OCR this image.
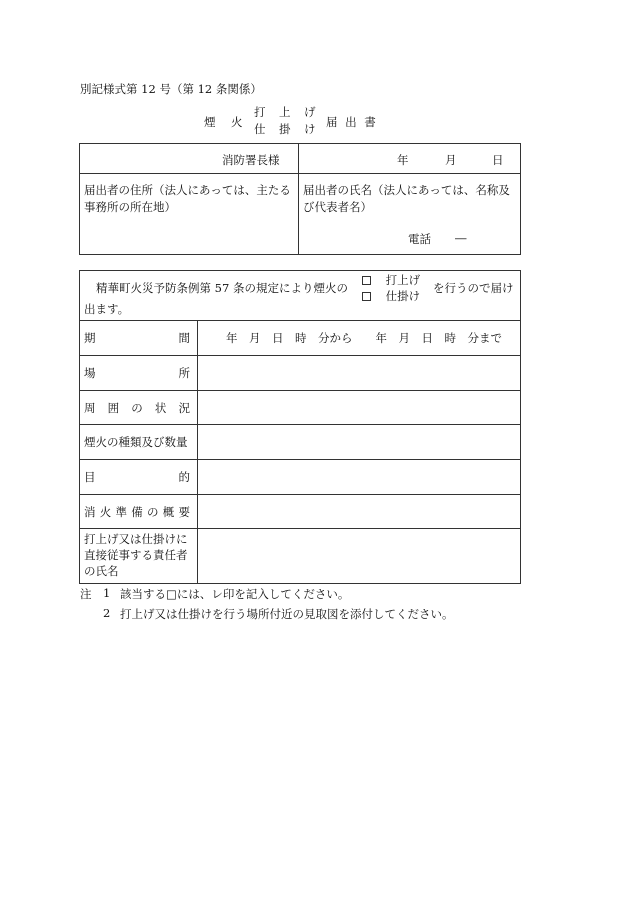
別記様式第 12 号（第 12 条関係）
煙　火
打　上　げ
仕　掛　け 届 出 書
消防署長様	年	月	日
届出者の住所（法人にあっては、主たる事務所の所在地）
届出者の氏名（法人にあっては、名称及び代表者名）
電話 ―
精華町火災予防条例第 57 条の規定により煙火の
打上げ
仕掛け
を行うので届け
出ます。
期	間	年　月　日　時　分から　　年　月　日　時　分まで
場	所
周 囲 の 状 況
煙火の種類及び数量
目	的
消 火 準 備 の 概 要
打上げ又は仕掛けに直接従事する責任者の氏名
注 1 該当する□には、レ印を記入してください。
2 打上げ又は仕掛けを行う場所付近の見取図を添付してください。
